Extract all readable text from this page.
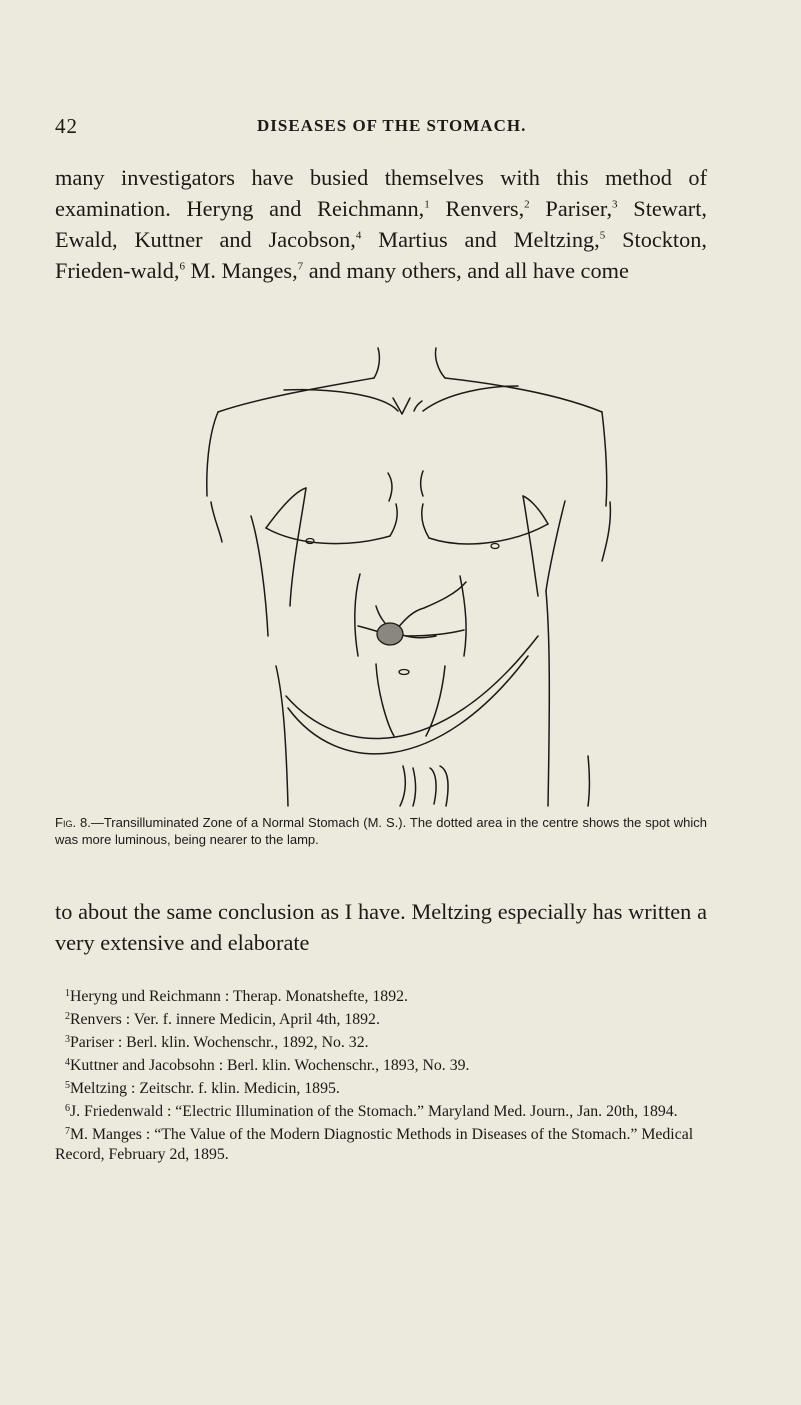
42	DISEASES OF THE STOMACH.
many investigators have busied themselves with this method of examination. Heryng and Reichmann,$^1$ Renvers,$^2$ Pariser,$^3$ Stewart, Ewald, Kuttner and Jacobson,$^4$ Martius and Meltzing,$^5$ Stockton, Frieden-wald,$^6$ M. Manges,$^7$ and many others, and all have come
Fig. 8.—Transilluminated Zone of a Normal Stomach (M. S.). The dotted area in the centre shows the spot which was more luminous, being nearer to the lamp.
to about the same conclusion as I have. Meltzing especially has written a very extensive and elaborate
$^1$Heryng und Reichmann : Therap. Monatshefte, 1892.
$^2$Renvers : Ver. f. innere Medicin, April 4th, 1892.
$^3$Pariser : Berl. klin. Wochenschr., 1892, No. 32.
$^4$Kuttner and Jacobsohn : Berl. klin. Wochenschr., 1893, No. 39.
$^5$Meltzing : Zeitschr. f. klin. Medicin, 1895.
$^6$J. Friedenwald : “Electric Illumination of the Stomach.” Maryland Med. Journ., Jan. 20th, 1894.
$^7$M. Manges : “The Value of the Modern Diagnostic Methods in Diseases of the Stomach.” Medical Record, February 2d, 1895.
